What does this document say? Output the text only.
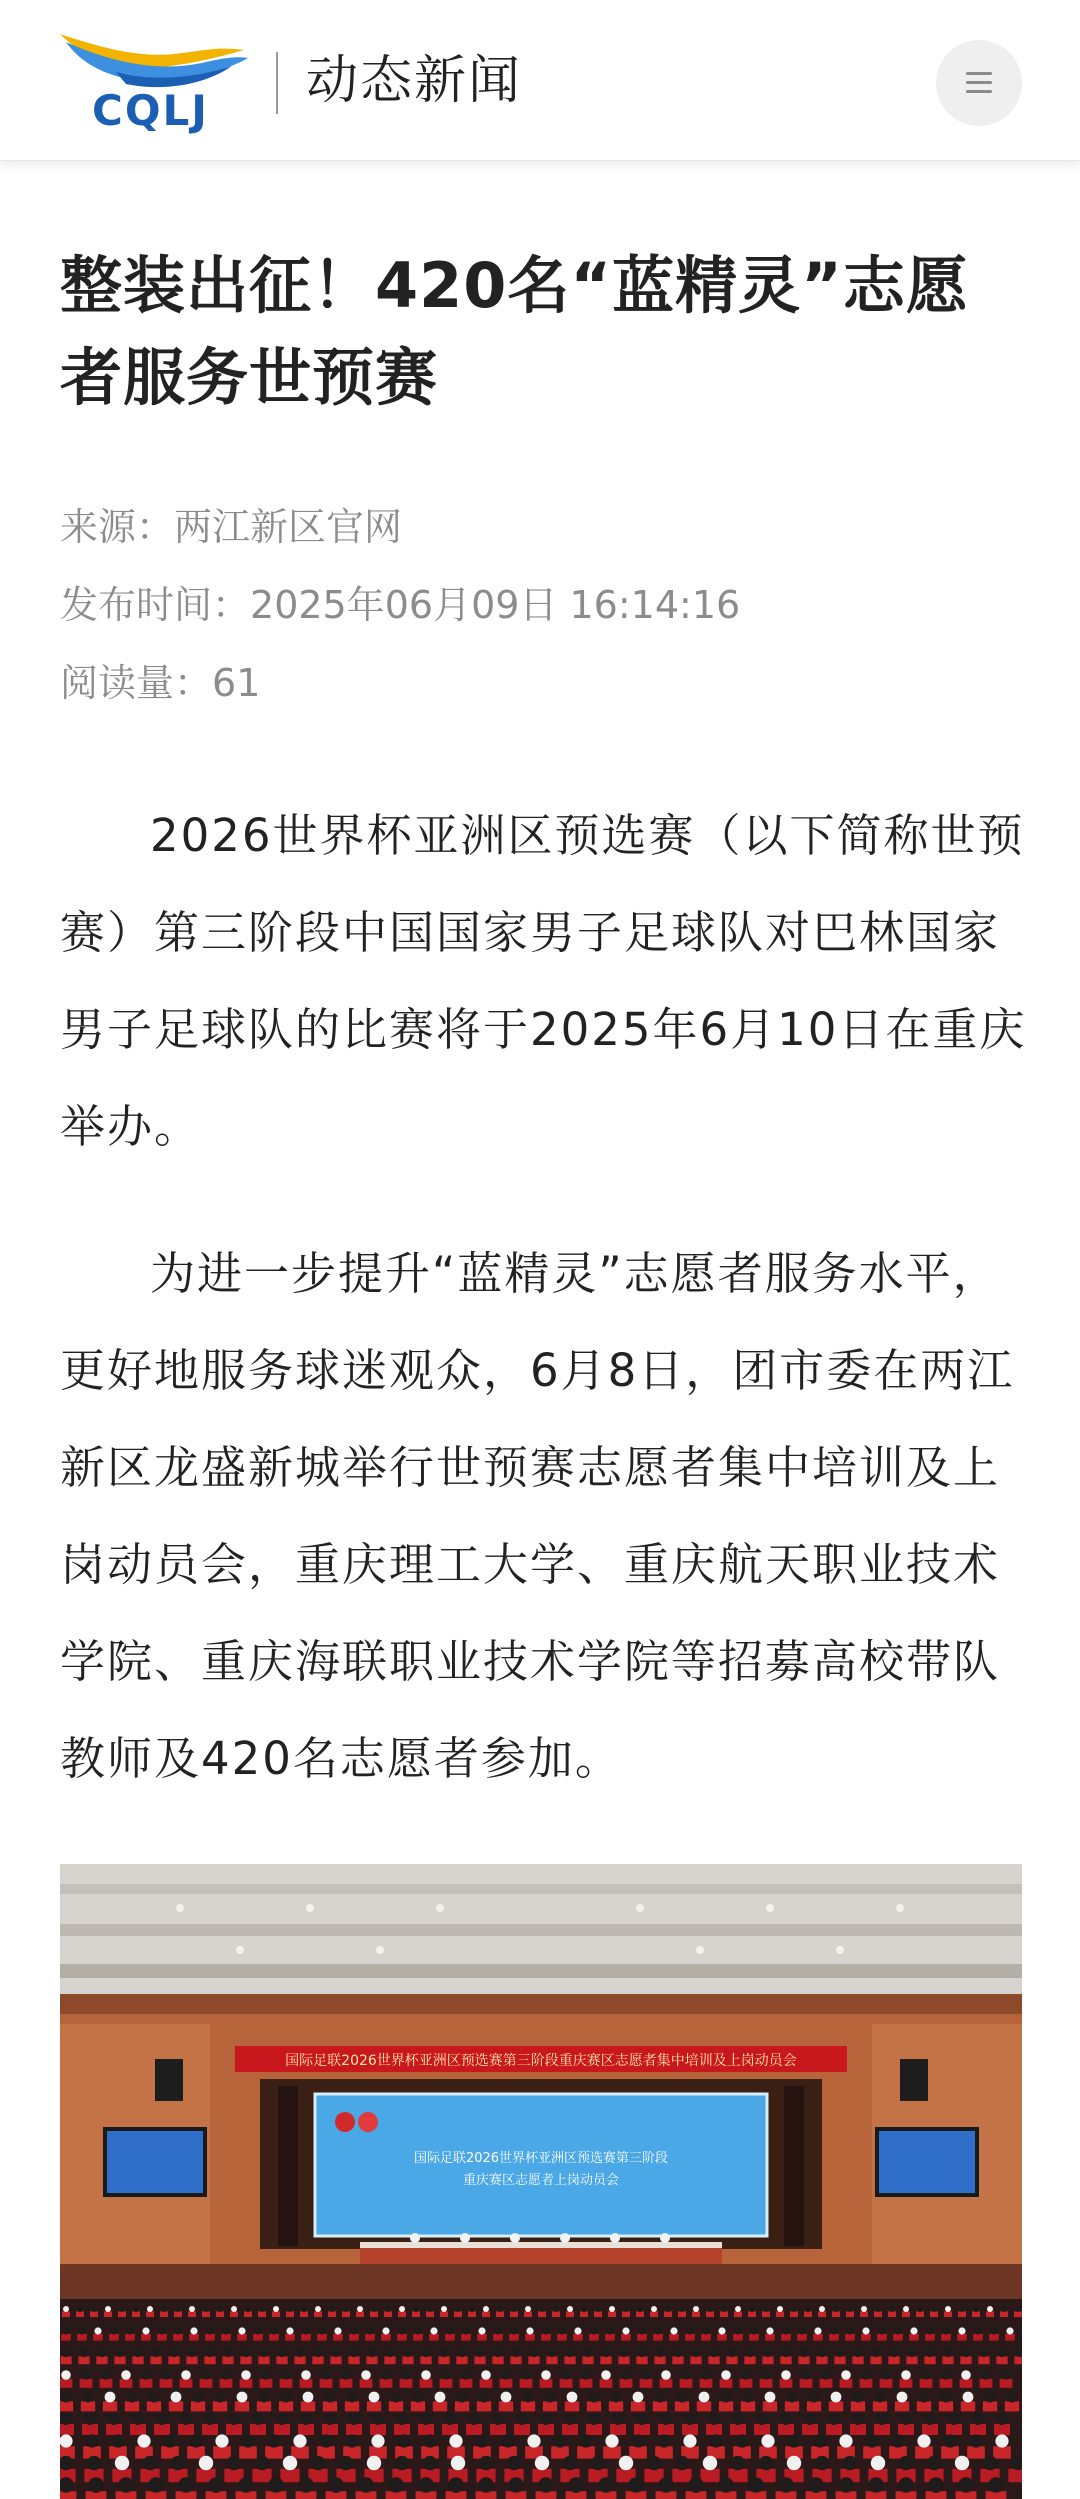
CQLJ 动态新闻
整装出征！420名“蓝精灵”志愿者服务世预赛
来源：两江新区官网
发布时间：2025年06月09日 16:14:16
阅读量：61

2026世界杯亚洲区预选赛（以下简称世预赛）第三阶段中国国家男子足球队对巴林国家男子足球队的比赛将于2025年6月10日在重庆举办。

为进一步提升“蓝精灵”志愿者服务水平，更好地服务球迷观众，6月8日，团市委在两江新区龙盛新城举行世预赛志愿者集中培训及上岗动员会，重庆理工大学、重庆航天职业技术学院、重庆海联职业技术学院等招募高校带队教师及420名志愿者参加。

国际足联2026世界杯亚洲区预选赛第三阶段重庆赛区志愿者集中培训及上岗动员会
国际足联2026世界杯亚洲区预选赛第三阶段
重庆赛区志愿者上岗动员会
